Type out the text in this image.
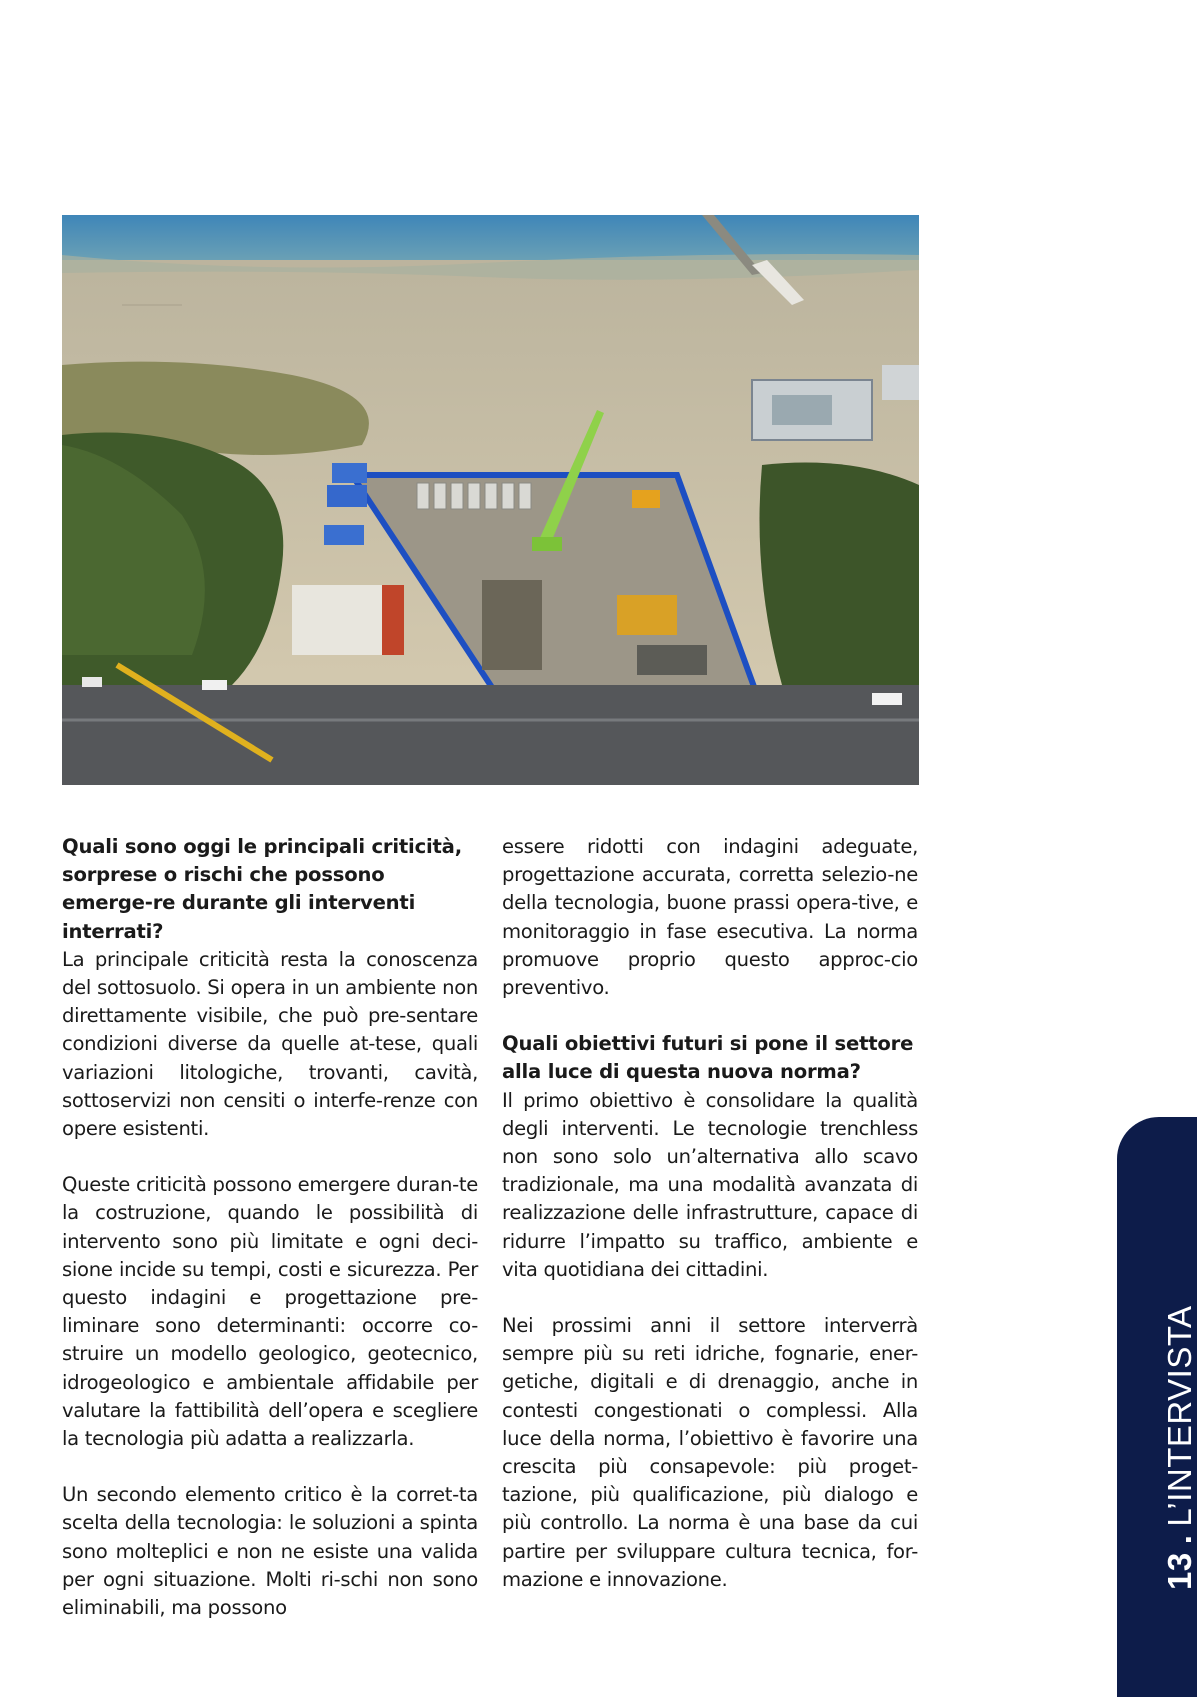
Quali sono oggi le principali criticità, sorprese o rischi che possono emerge-re durante gli interventi interrati?

La principale criticità resta la conoscenza del sottosuolo. Si opera in un ambiente non direttamente visibile, che può pre-sentare condizioni diverse da quelle at-tese, quali variazioni litologiche, trovanti, cavità, sottoservizi non censiti o interfe-renze con opere esistenti.

Queste criticità possono emergere duran-te la costruzione, quando le possibilità di intervento sono più limitate e ogni deci-sione incide su tempi, costi e sicurezza. Per questo indagini e progettazione pre-liminare sono determinanti: occorre co-struire un modello geologico, geotecnico, idrogeologico e ambientale affidabile per valutare la fattibilità dell’opera e scegliere la tecnologia più adatta a realizzarla.

Un secondo elemento critico è la corret-ta scelta della tecnologia: le soluzioni a spinta sono molteplici e non ne esiste una valida per ogni situazione. Molti ri-schi non sono eliminabili, ma possono

essere ridotti con indagini adeguate, progettazione accurata, corretta selezio-ne della tecnologia, buone prassi opera-tive, e monitoraggio in fase esecutiva. La norma promuove proprio questo approc-cio preventivo.

Quali obiettivi futuri si pone il settore alla luce di questa nuova norma?

Il primo obiettivo è consolidare la qualità degli interventi. Le tecnologie trenchless non sono solo un’alternativa allo scavo tradizionale, ma una modalità avanzata di realizzazione delle infrastrutture, capace di ridurre l’impatto su traffico, ambiente e vita quotidiana dei cittadini.

Nei prossimi anni il settore interverrà sempre più su reti idriche, fognarie, ener-getiche, digitali e di drenaggio, anche in contesti congestionati o complessi. Alla luce della norma, l’obiettivo è favorire una crescita più consapevole: più proget-tazione, più qualificazione, più dialogo e più controllo. La norma è una base da cui partire per sviluppare cultura tecnica, for-mazione e innovazione.	13.L’INTERVISTA
